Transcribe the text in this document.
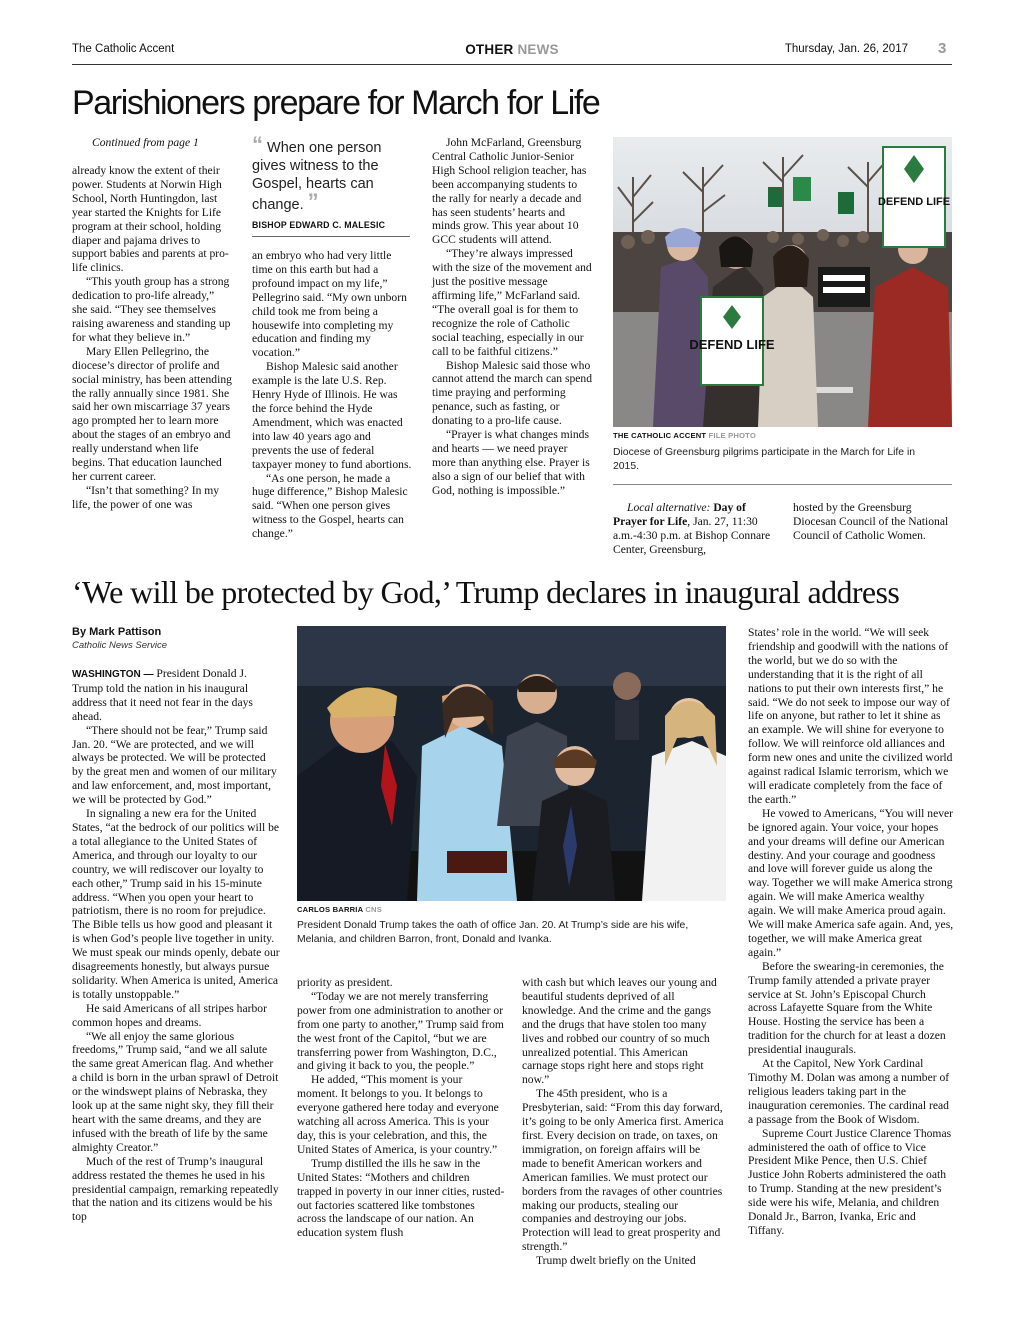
The Catholic Accent	OTHER NEWS	Thursday, Jan. 26, 2017 3
Parishioners prepare for March for Life
Continued from page 1

already know the extent of their power. Students at Norwin High School, North Huntingdon, last year started the Knights for Life program at their school, holding diaper and pajama drives to support babies and parents at pro-life clinics.

“This youth group has a strong dedication to pro-life already,” she said. “They see themselves raising awareness and standing up for what they believe in.”

Mary Ellen Pellegrino, the diocese’s director of prolife and social ministry, has been attending the rally annually since 1981. She said her own miscarriage 37 years ago prompted her to learn more about the stages of an embryo and really understand when life begins. That education launched her current career.

“Isn’t that something? In my life, the power of one was

“ When one person gives witness to the Gospel, hearts can change. ”
BISHOP EDWARD C. MALESIC

an embryo who had very little time on this earth but had a profound impact on my life,” Pellegrino said. “My own unborn child took me from being a housewife into completing my education and finding my vocation.”

Bishop Malesic said another example is the late U.S. Rep. Henry Hyde of Illinois. He was the force behind the Hyde Amendment, which was enacted into law 40 years ago and prevents the use of federal taxpayer money to fund abortions.

“As one person, he made a huge difference,” Bishop Malesic said. “When one person gives witness to the Gospel, hearts can change.”

John McFarland, Greensburg Central Catholic Junior-Senior High School religion teacher, has been accompanying students to the rally for nearly a decade and has seen students’ hearts and minds grow. This year about 10 GCC students will attend.

“They’re always impressed with the size of the movement and just the positive message affirming life,” McFarland said. “The overall goal is for them to recognize the role of Catholic social teaching, especially in our call to be faithful citizens.”

Bishop Malesic said those who cannot attend the march can spend time praying and performing penance, such as fasting, or donating to a pro-life cause.

“Prayer is what changes minds and hearts — we need prayer more than anything else. Prayer is also a sign of our belief that with God, nothing is impossible.”

DEFEND LIFE
DEFEND LIFE
THE CATHOLIC ACCENT FILE PHOTO
Diocese of Greensburg pilgrims participate in the March for Life in 2015.

Local alternative: Day of Prayer for Life, Jan. 27, 11:30 a.m.-4:30 p.m. at Bishop Connare Center, Greensburg,

hosted by the Greensburg Diocesan Council of the National Council of Catholic Women.

‘We will be protected by God,’ Trump declares in inaugural address
By Mark Pattison
Catholic News Service

WASHINGTON — President Donald J. Trump told the nation in his inaugural address that it need not fear in the days ahead.

“There should not be fear,” Trump said Jan. 20. “We are protected, and we will always be protected. We will be protected by the great men and women of our military and law enforcement, and, most important, we will be protected by God.”

In signaling a new era for the United States, “at the bedrock of our politics will be a total allegiance to the United States of America, and through our loyalty to our country, we will rediscover our loyalty to each other,” Trump said in his 15-minute address. “When you open your heart to patriotism, there is no room for prejudice. The Bible tells us how good and pleasant it is when God’s people live together in unity. We must speak our minds openly, debate our disagreements honestly, but always pursue solidarity. When America is united, America is totally unstoppable.”

He said Americans of all stripes harbor common hopes and dreams.

“We all enjoy the same glorious freedoms,” Trump said, “and we all salute the same great American flag. And whether a child is born in the urban sprawl of Detroit or the windswept plains of Nebraska, they look up at the same night sky, they fill their heart with the same dreams, and they are infused with the breath of life by the same almighty Creator.”

Much of the rest of Trump’s inaugural address restated the themes he used in his presidential campaign, remarking repeatedly that the nation and its citizens would be his top

CARLOS BARRIA CNS
President Donald Trump takes the oath of office Jan. 20. At Trump’s side are his wife, Melania, and children Barron, front, Donald and Ivanka.

priority as president.

“Today we are not merely transferring power from one administration to another or from one party to another,” Trump said from the west front of the Capitol, “but we are transferring power from Washington, D.C., and giving it back to you, the people.”

He added, “This moment is your moment. It belongs to you. It belongs to everyone gathered here today and everyone watching all across America. This is your day, this is your celebration, and this, the United States of America, is your country.”

Trump distilled the ills he saw in the United States: “Mothers and children trapped in poverty in our inner cities, rusted-out factories scattered like tombstones across the landscape of our nation. An education system flush

with cash but which leaves our young and beautiful students deprived of all knowledge. And the crime and the gangs and the drugs that have stolen too many lives and robbed our country of so much unrealized potential. This American carnage stops right here and stops right now.”

The 45th president, who is a Presbyterian, said: “From this day forward, it’s going to be only America first. America first. Every decision on trade, on taxes, on immigration, on foreign affairs will be made to benefit American workers and American families. We must protect our borders from the ravages of other countries making our products, stealing our companies and destroying our jobs. Protection will lead to great prosperity and strength.”

Trump dwelt briefly on the United

States’ role in the world. “We will seek friendship and goodwill with the nations of the world, but we do so with the understanding that it is the right of all nations to put their own interests first,” he said. “We do not seek to impose our way of life on anyone, but rather to let it shine as an example. We will shine for everyone to follow. We will reinforce old alliances and form new ones and unite the civilized world against radical Islamic terrorism, which we will eradicate completely from the face of the earth.”

He vowed to Americans, “You will never be ignored again. Your voice, your hopes and your dreams will define our American destiny. And your courage and goodness and love will forever guide us along the way. Together we will make America strong again. We will make America wealthy again. We will make America proud again. We will make America safe again. And, yes, together, we will make America great again.”

Before the swearing-in ceremonies, the Trump family attended a private prayer service at St. John’s Episcopal Church across Lafayette Square from the White House. Hosting the service has been a tradition for the church for at least a dozen presidential inaugurals.

At the Capitol, New York Cardinal Timothy M. Dolan was among a number of religious leaders taking part in the inauguration ceremonies. The cardinal read a passage from the Book of Wisdom.

Supreme Court Justice Clarence Thomas administered the oath of office to Vice President Mike Pence, then U.S. Chief Justice John Roberts administered the oath to Trump. Standing at the new president’s side were his wife, Melania, and children Donald Jr., Barron, Ivanka, Eric and Tiffany.
